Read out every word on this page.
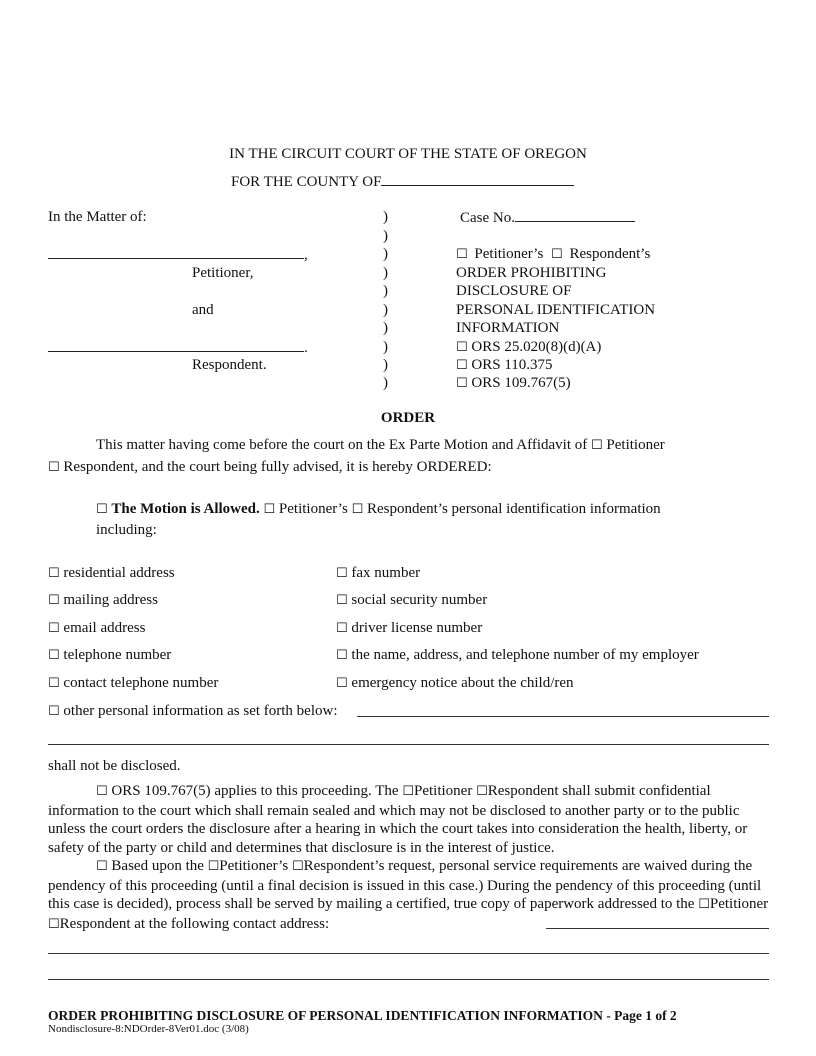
IN THE CIRCUIT COURT OF THE STATE OF OREGON
FOR THE COUNTY OF
In the Matter of:
,
Petitioner,
and
.
Respondent.
)
)
)
)
)
)
)
)
)
)
Case No.
☐ Petitioner’s ☐ Respondent’s
ORDER PROHIBITING
DISCLOSURE OF
PERSONAL IDENTIFICATION
INFORMATION
☐ ORS 25.020(8)(d)(A)
☐ ORS 110.375
☐ ORS 109.767(5)
ORDER
This matter having come before the court on the Ex Parte Motion and Affidavit of ☐ Petitioner
☐ Respondent, and the court being fully advised, it is hereby ORDERED:
☐ The Motion is Allowed. ☐ Petitioner’s ☐ Respondent’s personal identification information
including:
☐ residential address
☐ mailing address
☐ email address
☐ telephone number
☐ contact telephone number
☐ fax number
☐ social security number
☐ driver license number
☐ the name, address, and telephone number of my employer
☐ emergency notice about the child/ren
☐ other personal information as set forth below:
shall not be disclosed.
☐ ORS 109.767(5) applies to this proceeding. The ☐Petitioner ☐Respondent shall submit confidential information to the court which shall remain sealed and which may not be disclosed to another party or to the public unless the court orders the disclosure after a hearing in which the court takes into consideration the health, liberty, or safety of the party or child and determines that disclosure is in the interest of justice.
☐ Based upon the ☐Petitioner’s ☐Respondent’s request, personal service requirements are waived during the pendency of this proceeding (until a final decision is issued in this case.) During the pendency of this proceeding (until this case is decided), process shall be served by mailing a certified, true copy of paperwork addressed to the ☐Petitioner ☐Respondent at the following contact address:
ORDER PROHIBITING DISCLOSURE OF PERSONAL IDENTIFICATION INFORMATION - Page 1 of 2
Nondisclosure-8:NDOrder-8Ver01.doc (3/08)
